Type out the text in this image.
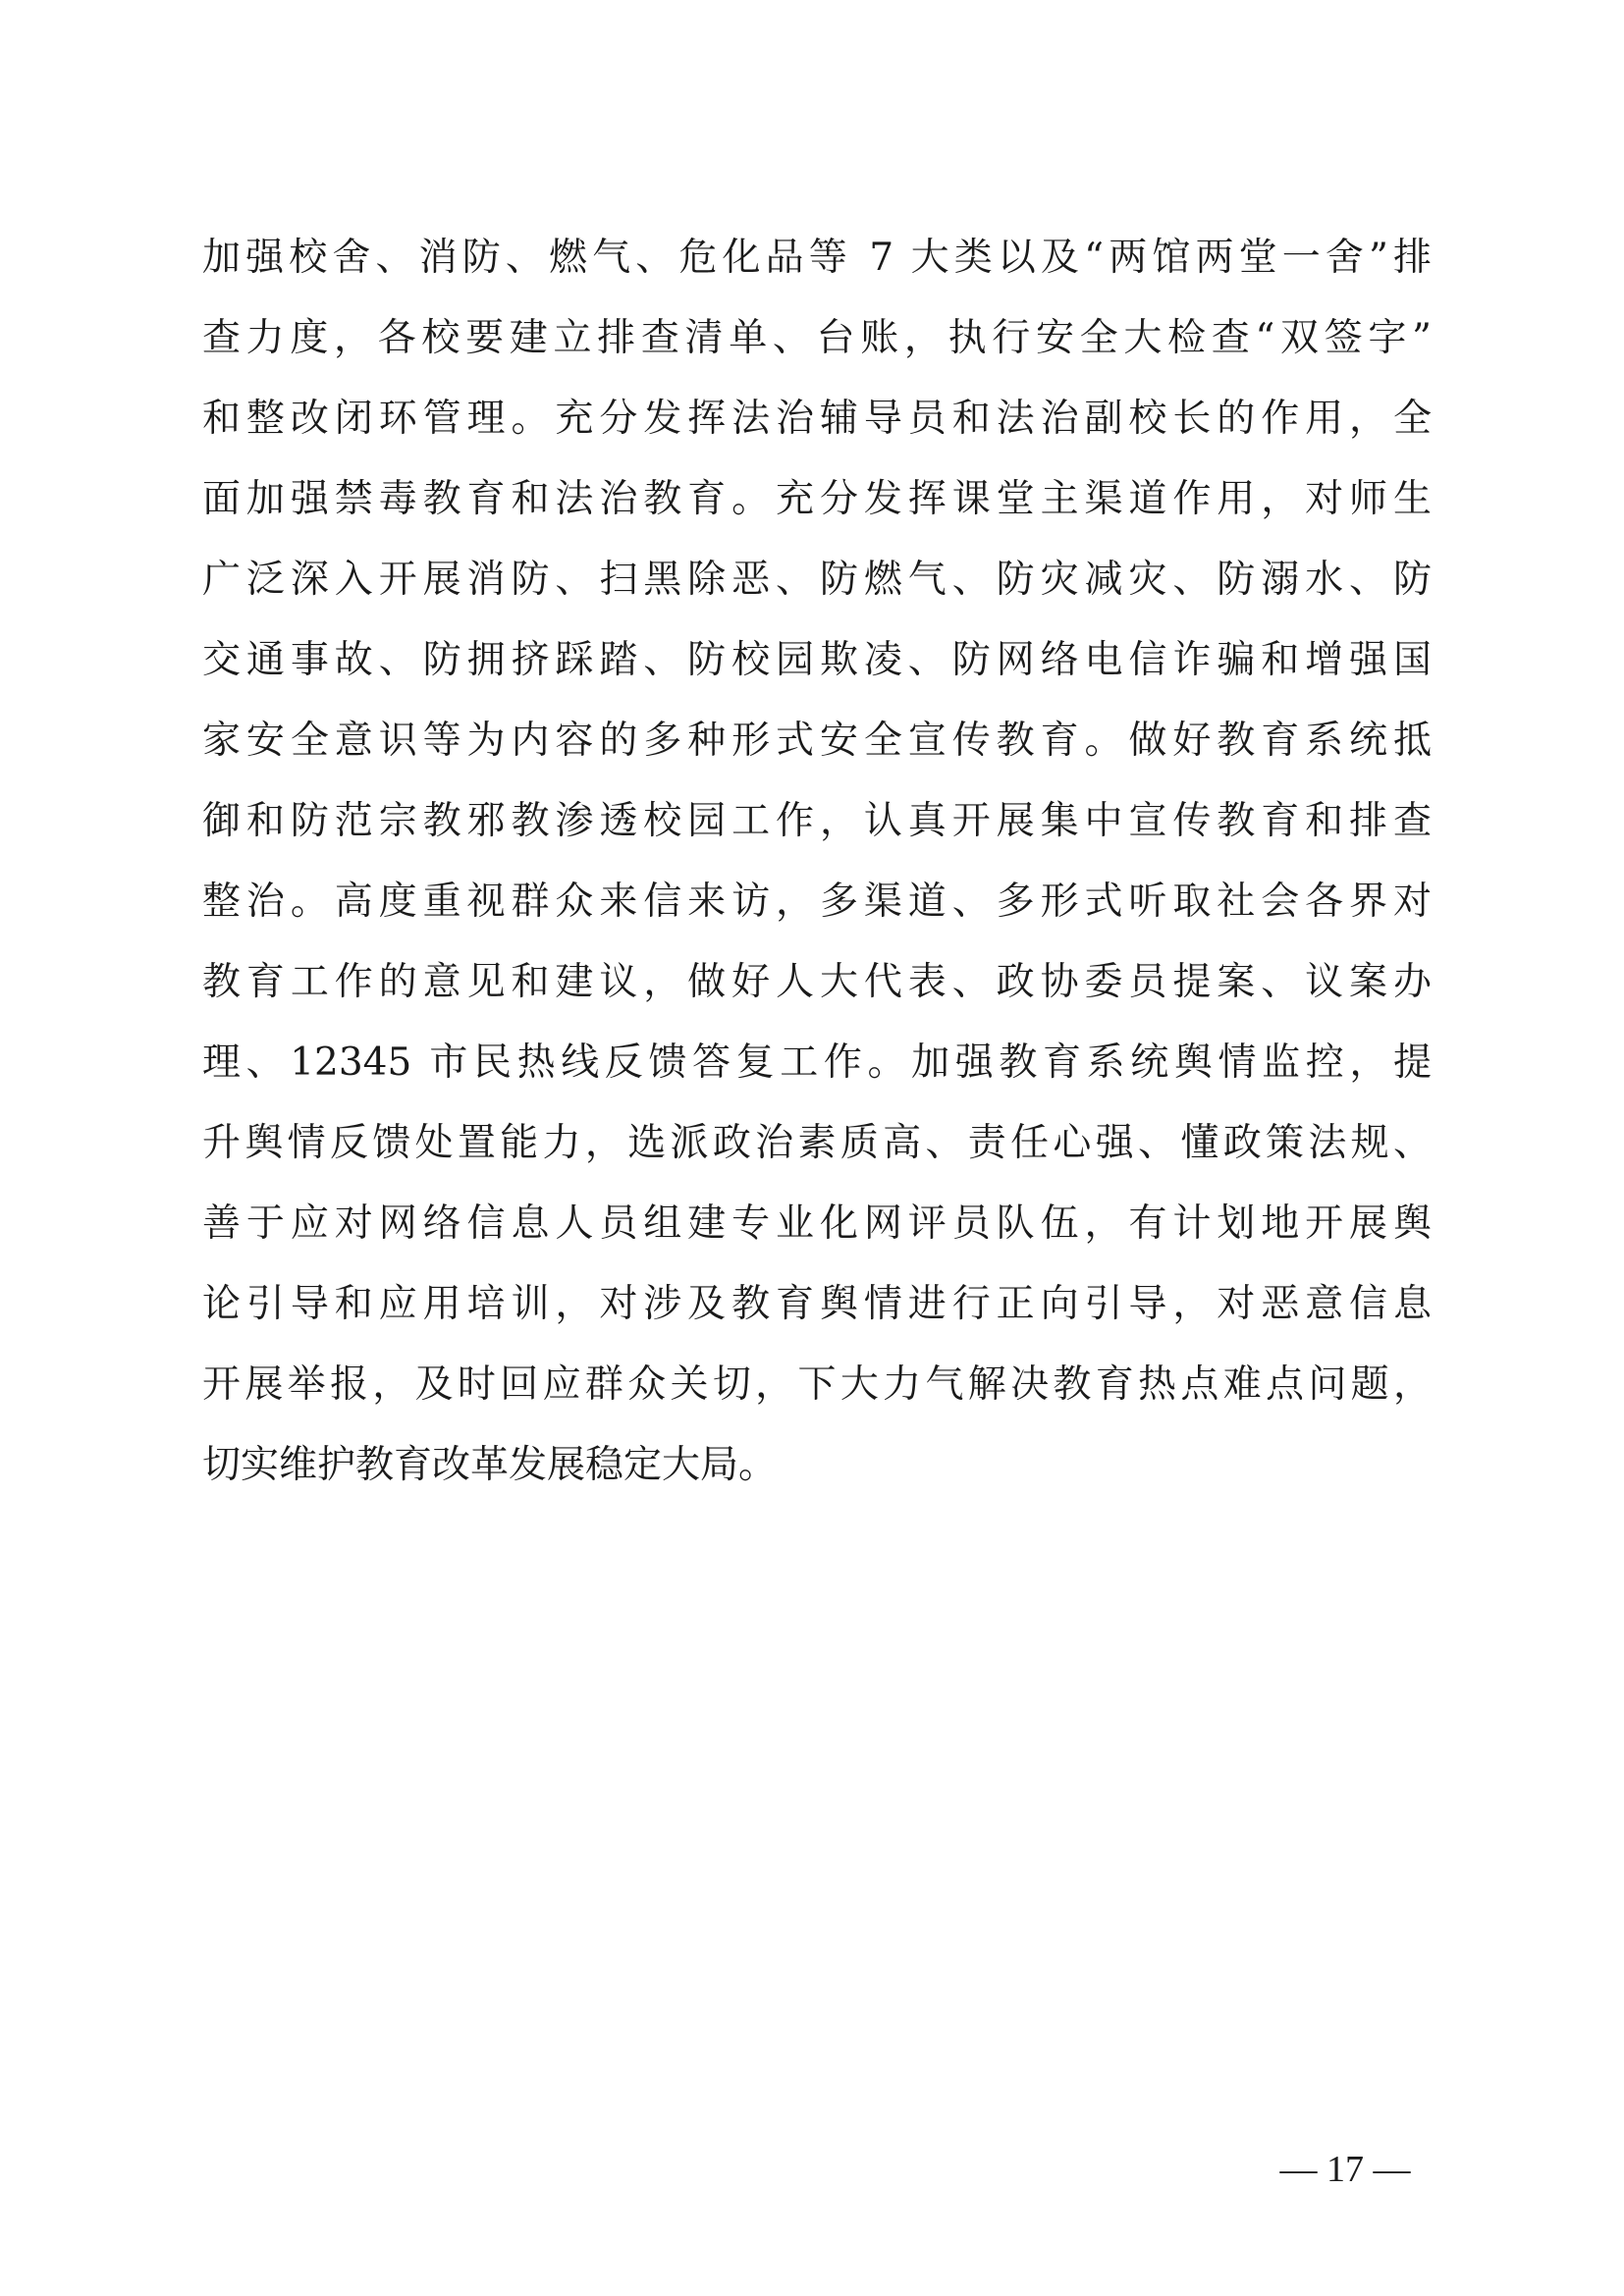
加强校舍、消防、燃气、危化品等 7 大类以及“两馆两堂一舍”排
查力度，各校要建立排查清单、台账，执行安全大检查“双签字”
和整改闭环管理。充分发挥法治辅导员和法治副校长的作用，全
面加强禁毒教育和法治教育。充分发挥课堂主渠道作用，对师生
广泛深入开展消防、扫黑除恶、防燃气、防灾减灾、防溺水、防
交通事故、防拥挤踩踏、防校园欺凌、防网络电信诈骗和增强国
家安全意识等为内容的多种形式安全宣传教育。做好教育系统抵
御和防范宗教邪教渗透校园工作，认真开展集中宣传教育和排查
整治。高度重视群众来信来访，多渠道、多形式听取社会各界对
教育工作的意见和建议，做好人大代表、政协委员提案、议案办
理、12345 市民热线反馈答复工作。加强教育系统舆情监控，提
升舆情反馈处置能力，选派政治素质高、责任心强、懂政策法规、
善于应对网络信息人员组建专业化网评员队伍，有计划地开展舆
论引导和应用培训，对涉及教育舆情进行正向引导，对恶意信息
开展举报，及时回应群众关切，下大力气解决教育热点难点问题，
切实维护教育改革发展稳定大局。
— 17 —
